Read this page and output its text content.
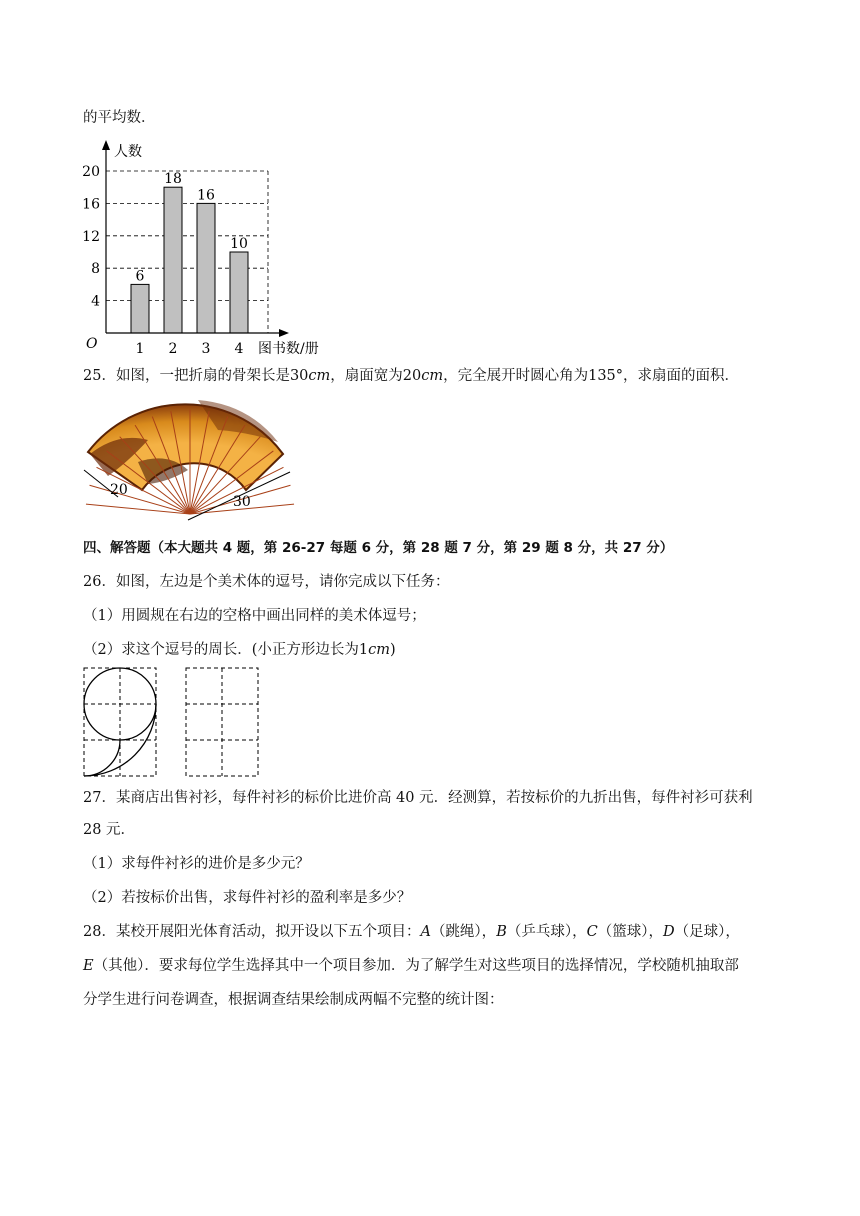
的平均数．
人数
图书数/册
O
4
8
12
16
20
1 2 3 4
6
18
16
10
25．如图，一把折扇的骨架长是30cm，扇面宽为20cm，完全展开时圆心角为135°，求扇面的面积．
20
30
四、解答题（本大题共 4 题，第 26-27 每题 6 分，第 28 题 7 分，第 29 题 8 分，共 27 分）
26．如图，左边是个美术体的逗号，请你完成以下任务：
（1）用圆规在右边的空格中画出同样的美术体逗号；
（2）求这个逗号的周长．(小正方形边长为1cm)
27．某商店出售衬衫，每件衬衫的标价比进价高 40 元．经测算，若按标价的九折出售，每件衬衫可获利
28 元．
（1）求每件衬衫的进价是多少元？
（2）若按标价出售，求每件衬衫的盈利率是多少？
28．某校开展阳光体育活动，拟开设以下五个项目：A（跳绳），B（乒乓球），C（篮球），D（足球），
E（其他）．要求每位学生选择其中一个项目参加．为了解学生对这些项目的选择情况，学校随机抽取部
分学生进行问卷调查，根据调查结果绘制成两幅不完整的统计图：
